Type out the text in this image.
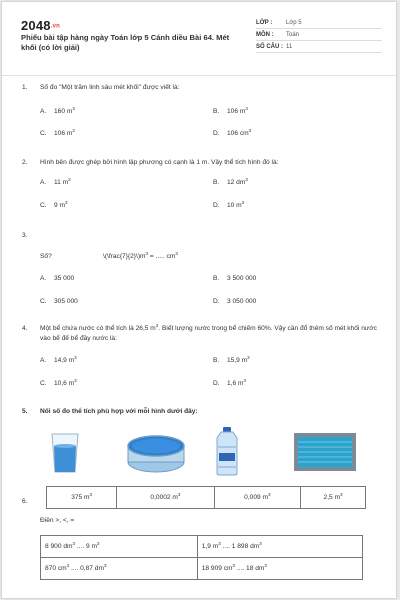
2048.vn
Phiếu bài tập hàng ngày Toán lớp 5 Cánh diều Bài 64. Mét khối (có lời giải)
LỚP :	Lớp 5
MÔN :	Toán
SỐ CÂU : 11
1.	Số đo "Một trăm linh sáu mét khối" được viết là:
A. 160 $m^3$	B. 106 $m^3$
C. 106 $m^2$	D. 106 $cm^3$
2.	Hình bên được ghép bởi hình lập phương có cạnh là 1 m. Vậy thể tích hình đó là:
A. 11 $m^3$	B. 12 $dm^3$
C. 9 $m^3$	D. 10 $m^3$
3.
Số?	$\backslash(\backslash frac\{7\}\{2\}\backslash)m^3$ = ..... $cm^3$
A. 35 000	B. 3 500 000
C. 305 000	D. 3 050 000
4.	Một bể chứa nước có thể tích là 26,5 $m^3$. Biết lượng nước trong bể chiếm 60%. Vậy cần đổ thêm số mét khối nước vào bể để bể đầy nước là:
A. 14,9 $m^3$	B. 15,9 $m^3$
C. 10,6 $m^3$	D. 1,6 $m^3$
5.	Nối số đo thể tích phù hợp với mỗi hình dưới đây:
375 $m^3$	0,0002 $m^3$	0,009 $m^3$	2,5 $m^3$
6.
Điền >, <, =
8 900 $dm^3$ .... 9 $m^3$	1,9 $m^3$ .... 1 898 $dm^3$
870 $cm^3$ .... 0,87 $dm^3$	18 909 $cm^3$ .... 18 $dm^3$
